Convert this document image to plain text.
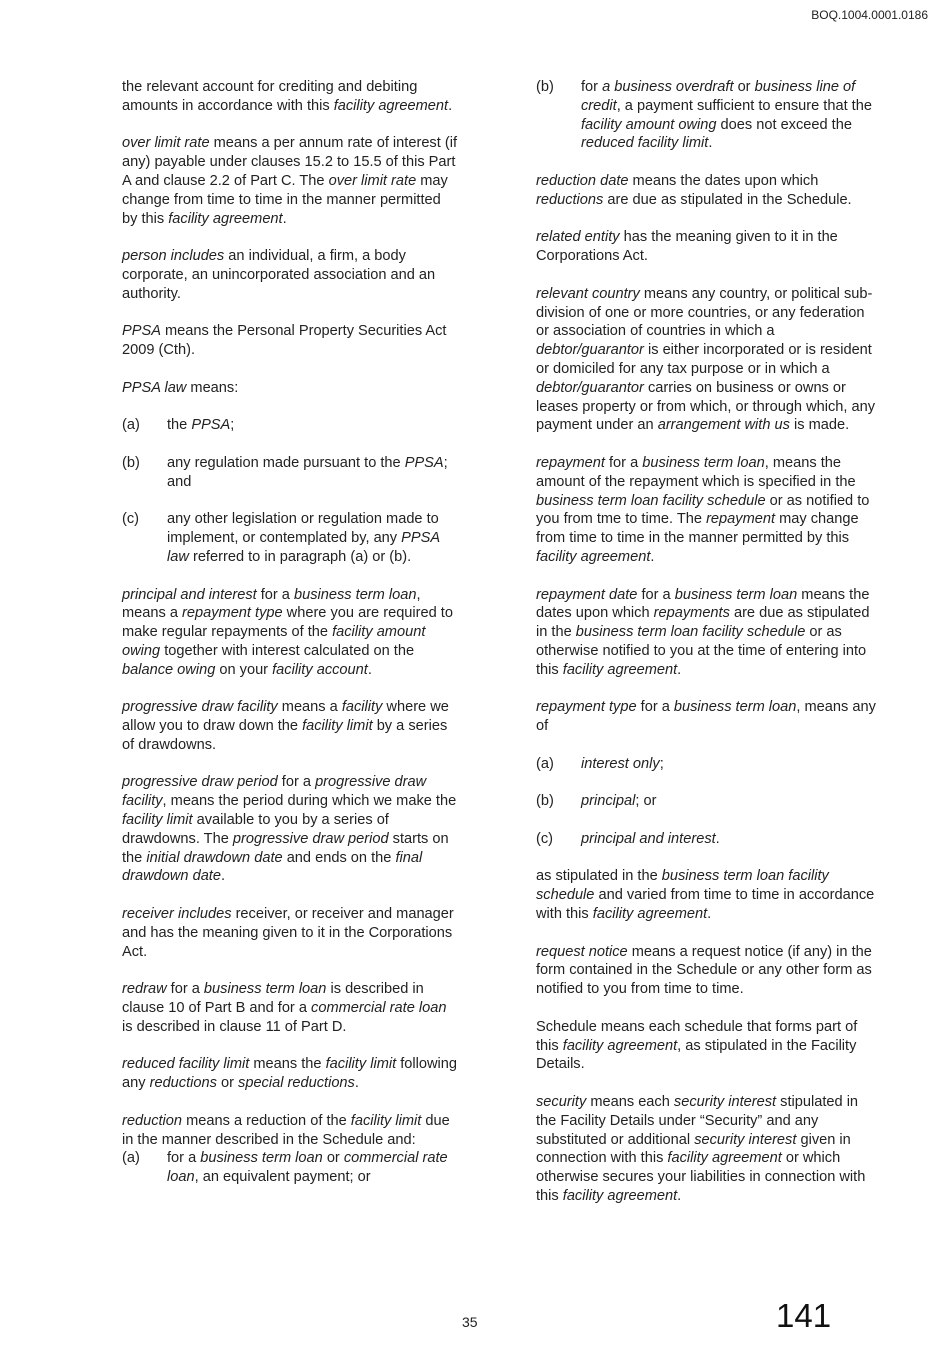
BOQ.1004.0001.0186

the relevant account for crediting and debiting amounts in accordance with this facility agreement.

over limit rate means a per annum rate of interest (if any) payable under clauses 15.2 to 15.5 of this Part A and clause 2.2 of Part C. The over limit rate may change from time to time in the manner permitted by this facility agreement.

person includes an individual, a firm, a body corporate, an unincorporated association and an authority.

PPSA means the Personal Property Securities Act 2009 (Cth).

PPSA law means:

(a)	the PPSA;
(b)	any regulation made pursuant to the PPSA; and
(c)	any other legislation or regulation made to implement, or contemplated by, any PPSA law referred to in paragraph (a) or (b).

principal and interest for a business term loan, means a repayment type where you are required to make regular repayments of the facility amount owing together with interest calculated on the balance owing on your facility account.

progressive draw facility means a facility where we allow you to draw down the facility limit by a series of drawdowns.

progressive draw period for a progressive draw facility, means the period during which we make the facility limit available to you by a series of drawdowns. The progressive draw period starts on the initial drawdown date and ends on the final drawdown date.

receiver includes receiver, or receiver and manager and has the meaning given to it in the Corporations Act.

redraw for a business term loan is described in clause 10 of Part B and for a commercial rate loan is described in clause 11 of Part D.

reduced facility limit means the facility limit following any reductions or special reductions.

reduction means a reduction of the facility limit due in the manner described in the Schedule and:

(a)	for a business term loan or commercial rate loan, an equivalent payment; or
(b)	for a business overdraft or business line of credit, a payment sufficient to ensure that the facility amount owing does not exceed the reduced facility limit.

reduction date means the dates upon which reductions are due as stipulated in the Schedule.

related entity has the meaning given to it in the Corporations Act.

relevant country means any country, or political sub-division of one or more countries, or any federation or association of countries in which a debtor/guarantor is either incorporated or is resident or domiciled for any tax purpose or in which a debtor/guarantor carries on business or owns or leases property or from which, or through which, any payment under an arrangement with us is made.

repayment for a business term loan, means the amount of the repayment which is specified in the business term loan facility schedule or as notified to you from tme to time. The repayment may change from time to time in the manner permitted by this facility agreement.

repayment date for a business term loan means the dates upon which repayments are due as stipulated in the business term loan facility schedule or as otherwise notified to you at the time of entering into this facility agreement.

repayment type for a business term loan, means any of

(a)	interest only;
(b)	principal; or
(c)	principal and interest.

as stipulated in the business term loan facility schedule and varied from time to time in accordance with this facility agreement.

request notice means a request notice (if any) in the form contained in the Schedule or any other form as notified to you from time to time.

Schedule means each schedule that forms part of this facility agreement, as stipulated in the Facility Details.

security means each security interest stipulated in the Facility Details under “Security” and any substituted or additional security interest given in connection with this facility agreement or which otherwise secures your liabilities in connection with this facility agreement.

35	141
